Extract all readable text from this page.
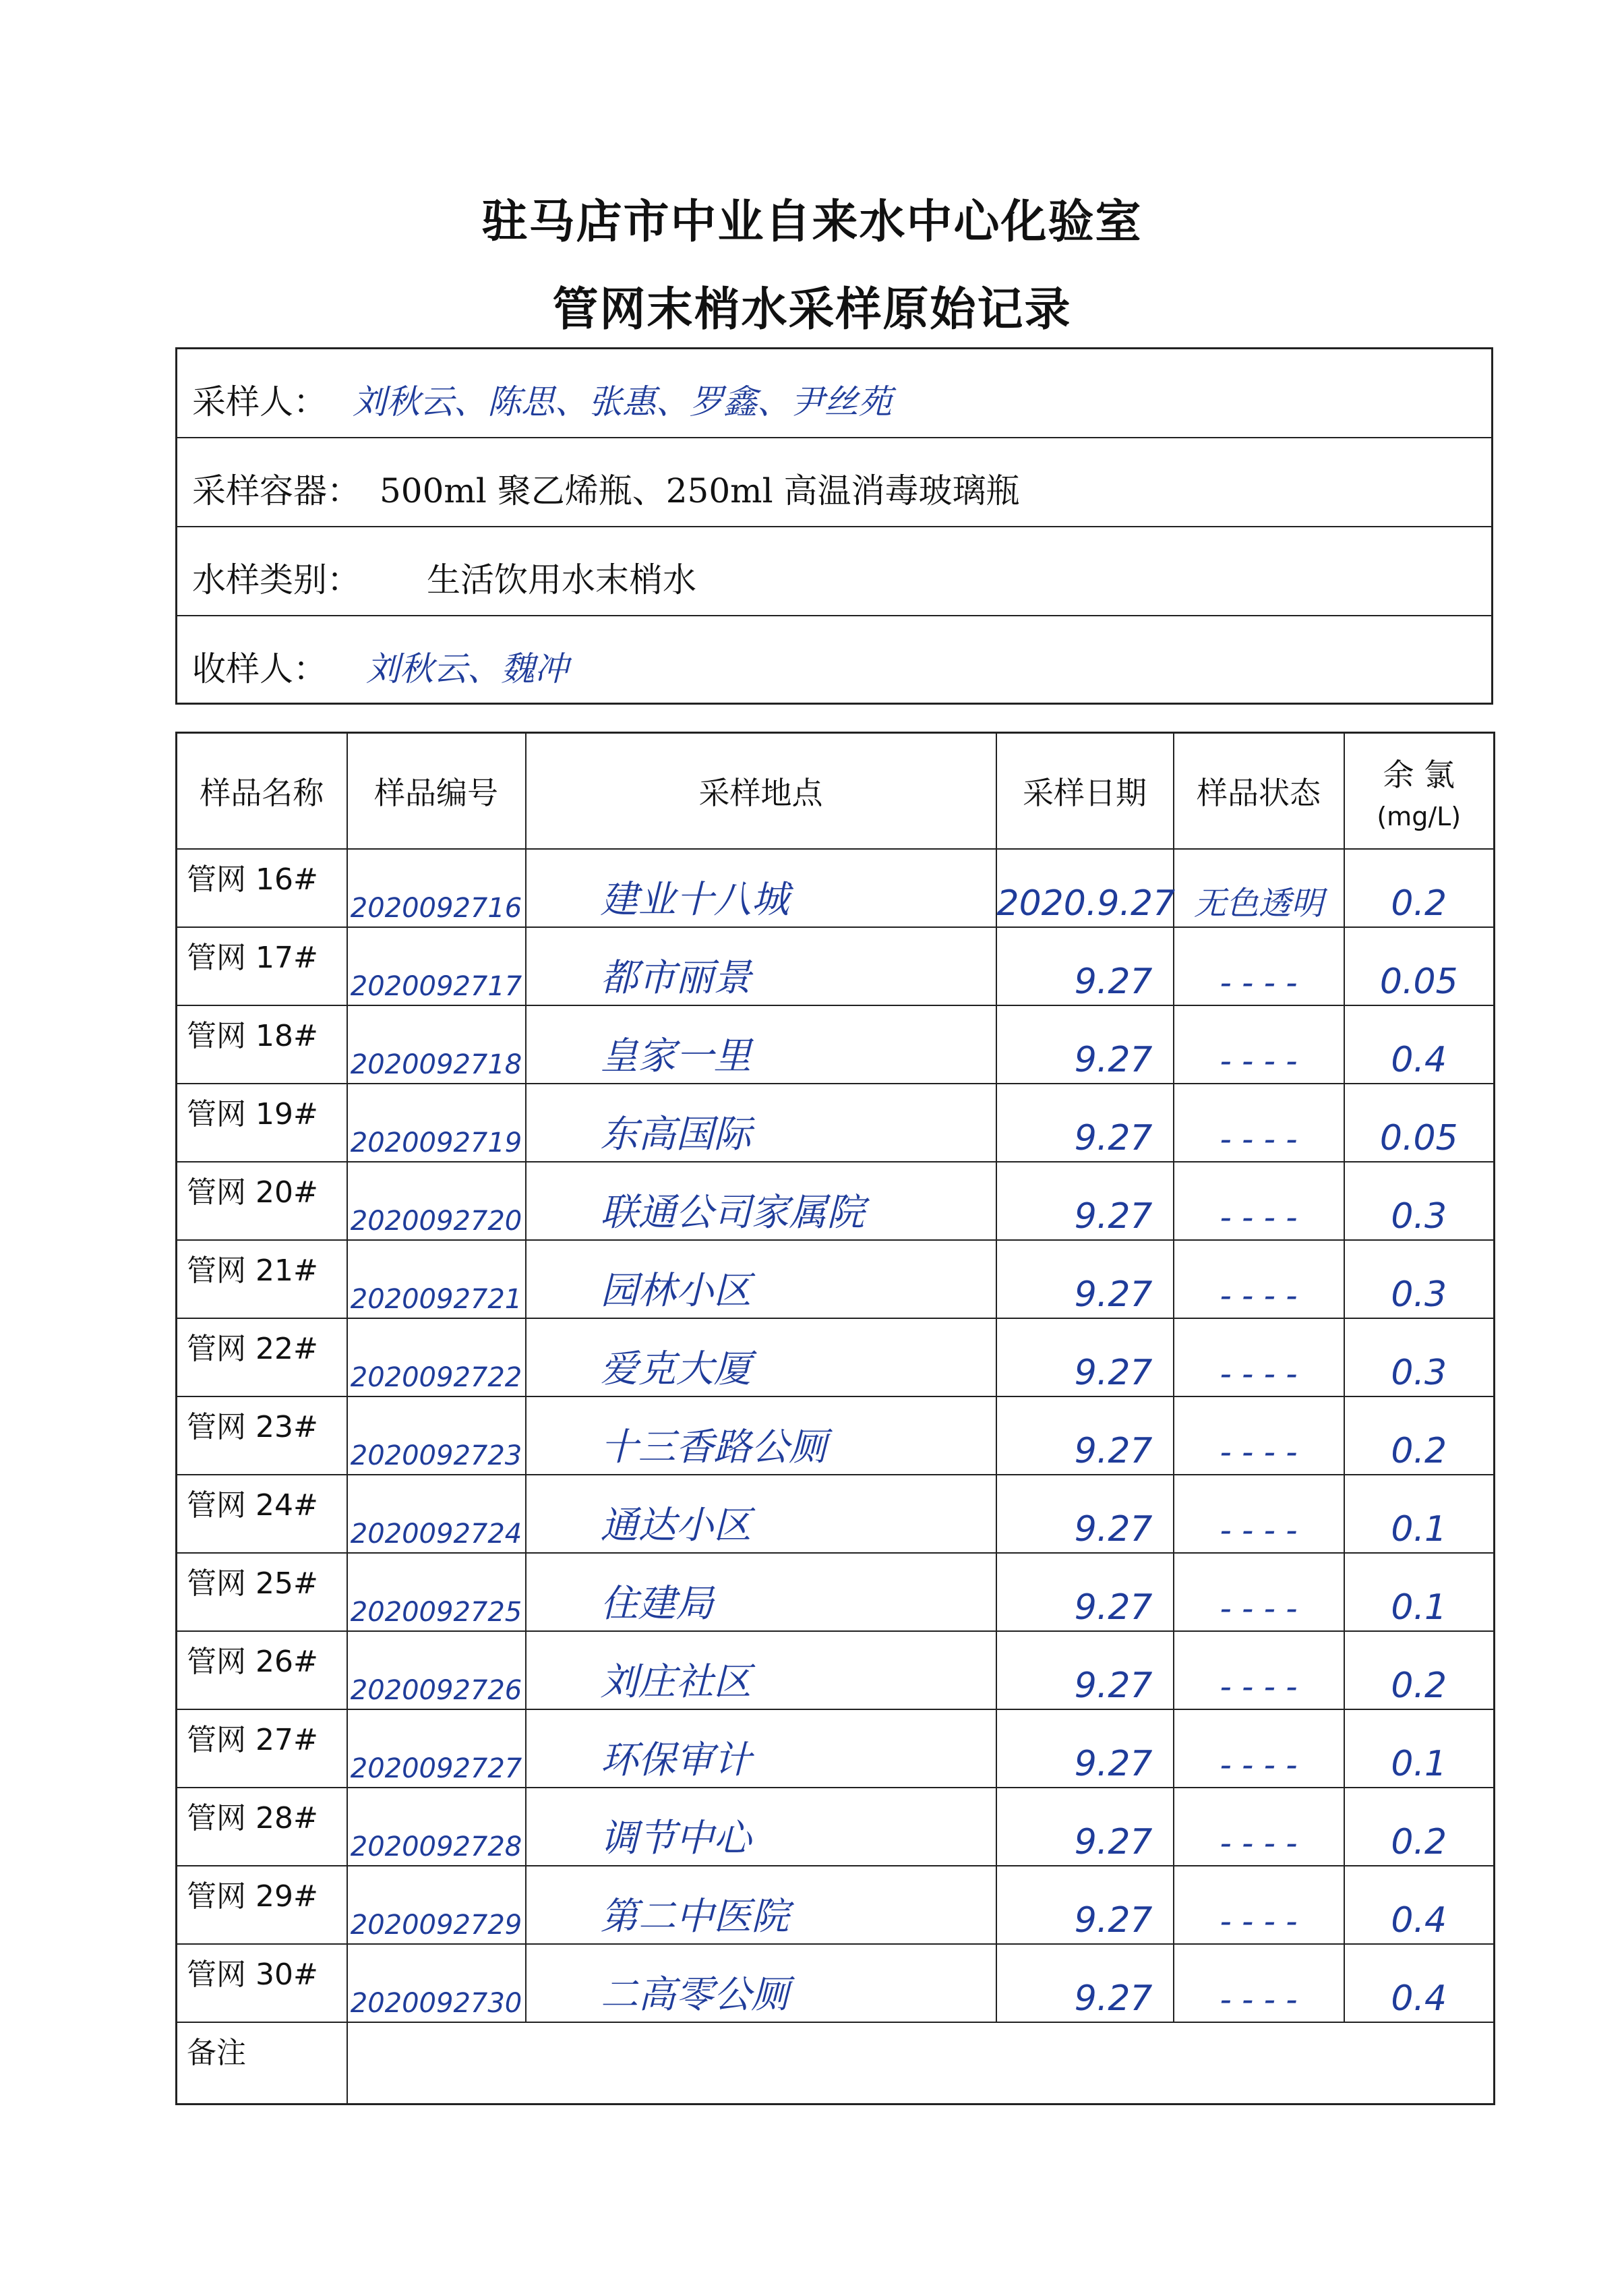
驻马店市中业自来水中心化验室
管网末梢水采样原始记录
采样人： 刘秋云、陈思、张惠、罗鑫、尹丝苑
采样容器： 500ml 聚乙烯瓶、250ml 高温消毒玻璃瓶
水样类别： 生活饮用水末梢水
收样人： 刘秋云、魏冲
样品名称	样品编号	采样地点	采样日期	样品状态	余 氯
(mg/L)

管网 16#	2020092716	建业十八城	2020.9.27	无色透明	0.2

管网 17#	2020092717	都市丽景	9.27	- - - -	0.05

管网 18#	2020092718	皇家一里	9.27	- - - -	0.4

管网 19#	2020092719	东高国际	9.27	- - - -	0.05

管网 20#	2020092720	联通公司家属院	9.27	- - - -	0.3

管网 21#	2020092721	园林小区	9.27	- - - -	0.3

管网 22#	2020092722	爱克大厦	9.27	- - - -	0.3

管网 23#	2020092723	十三香路公厕	9.27	- - - -	0.2

管网 24#	2020092724	通达小区	9.27	- - - -	0.1

管网 25#	2020092725	住建局	9.27	- - - -	0.1

管网 26#	2020092726	刘庄社区	9.27	- - - -	0.2

管网 27#	2020092727	环保审计	9.27	- - - -	0.1

管网 28#	2020092728	调节中心	9.27	- - - -	0.2

管网 29#	2020092729	第二中医院	9.27	- - - -	0.4

管网 30#	2020092730	二高零公厕	9.27	- - - -	0.4

备注					
